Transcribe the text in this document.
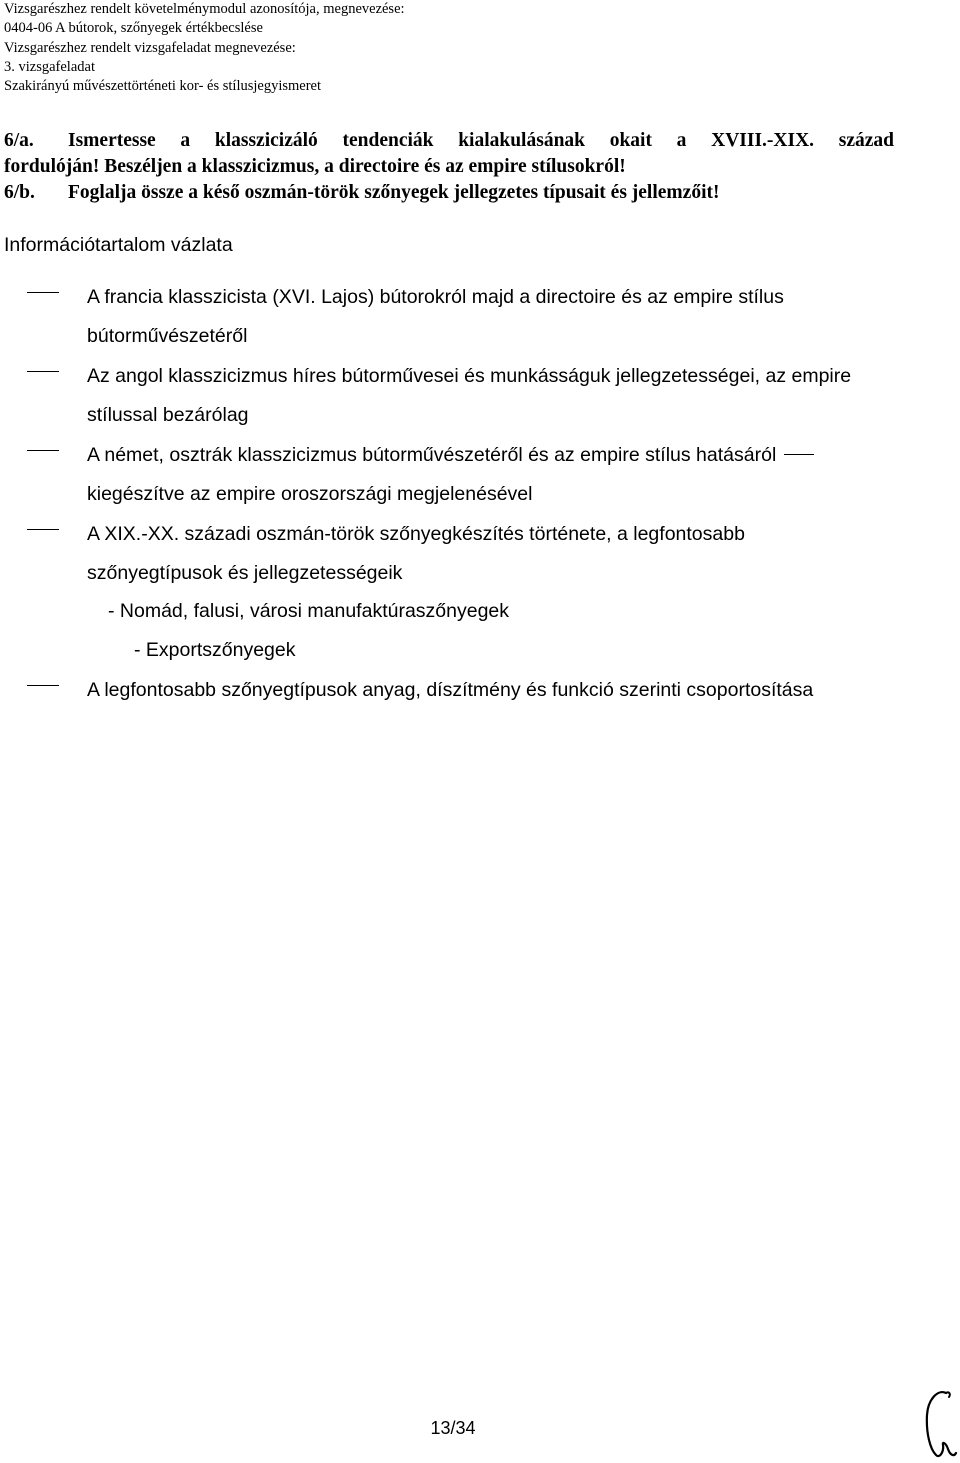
Vizsgarészhez rendelt követelménymodul azonosítója, megnevezése:
0404-06 A bútorok, szőnyegek értékbecslése
Vizsgarészhez rendelt vizsgafeladat megnevezése:
3. vizsgafeladat
Szakirányú művészettörténeti kor- és stílusjegyismeret
6/a.	Ismertesse a klasszicizáló tendenciák kialakulásának okait a XVIII.-XIX. század
fordulóján! Beszéljen a klasszicizmus, a directoire és az empire stílusokról!
6/b. Foglalja össze a késő oszmán-török szőnyegek jellegzetes típusait és jellemzőit!
Információtartalom vázlata
A francia klasszicista (XVI. Lajos) bútorokról majd a directoire és az empire stílus
bútorművészetéről
Az angol klasszicizmus híres bútorművesei és munkásságuk jellegzetességei, az empire
stílussal bezárólag
A német, osztrák klasszicizmus bútorművészetéről és az empire stílus hatásáról
kiegészítve az empire oroszországi megjelenésével
A XIX.-XX. századi oszmán-török szőnyegkészítés története, a legfontosabb
szőnyegtípusok és jellegzetességeik
- Nomád, falusi, városi manufaktúraszőnyegek
- Exportszőnyegek
A legfontosabb szőnyegtípusok anyag, díszítmény és funkció szerinti csoportosítása
13/34
